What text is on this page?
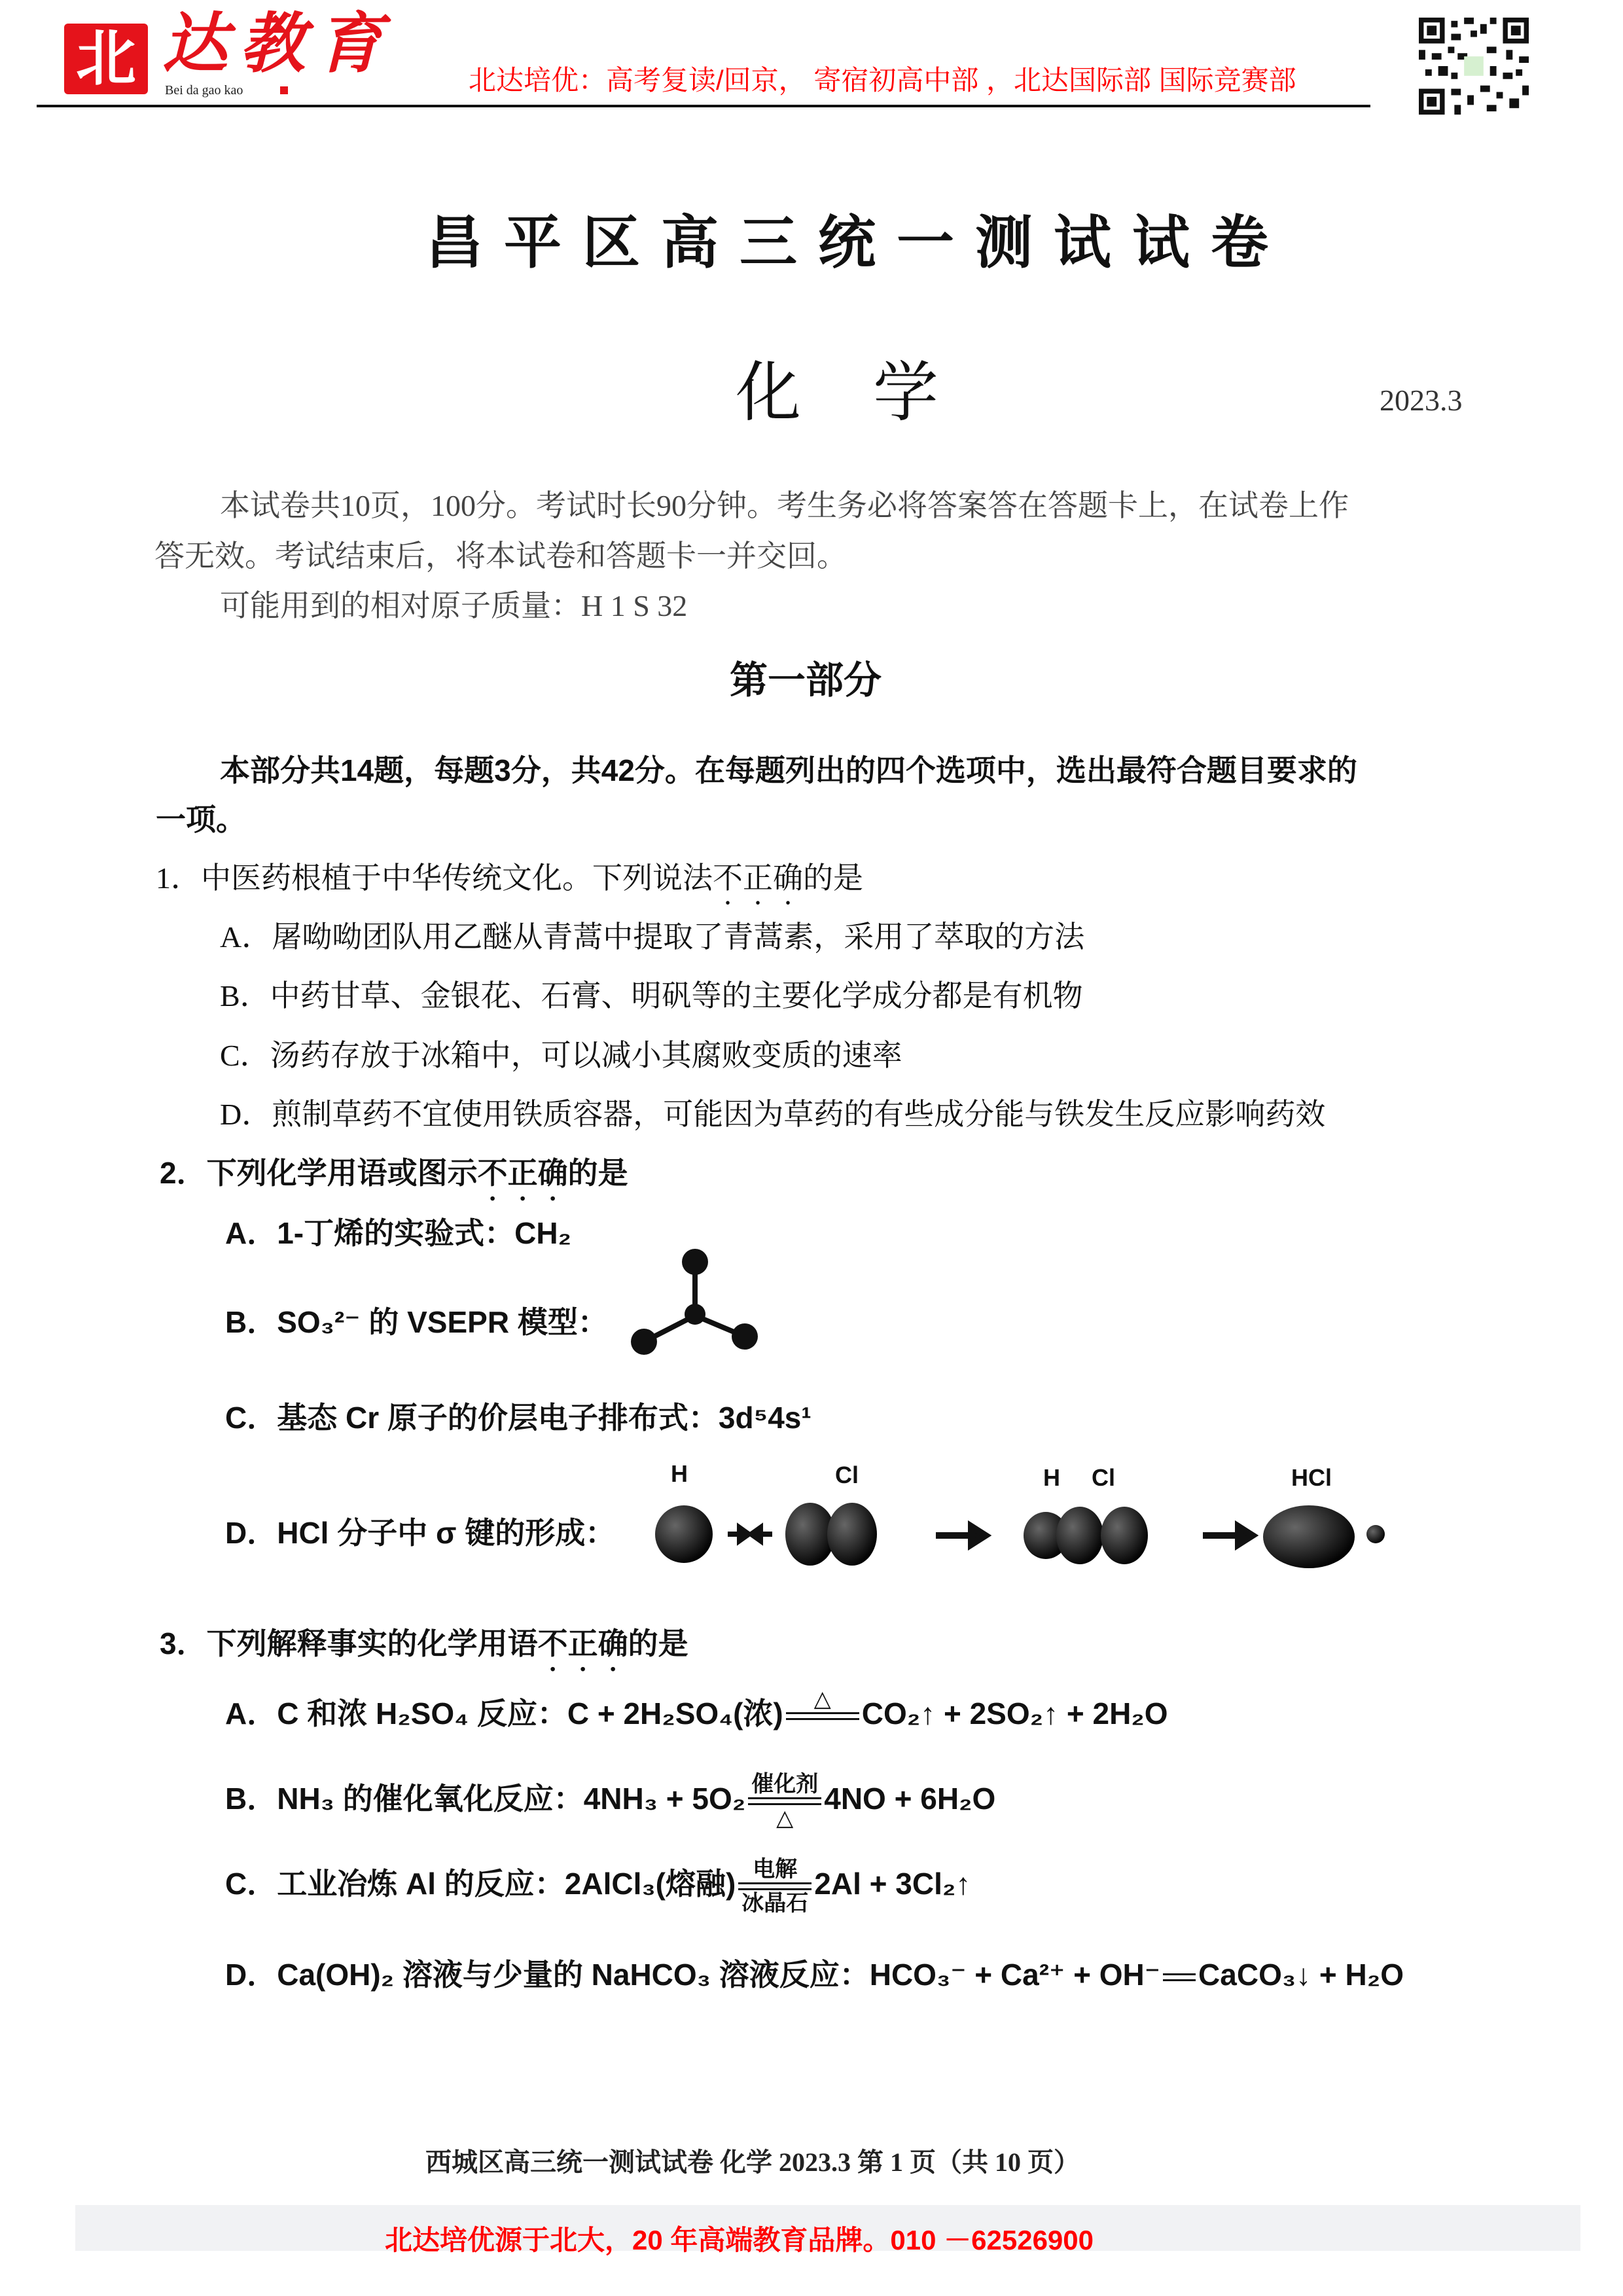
北 达教育
Bei da gao kao	北达培优：高考复读/回京， 寄宿初高中部 ，北达国际部 国际竞赛部
昌平区高三统一测试试卷
化学	2023.3
本试卷共10页，100分。考试时长90分钟。考生务必将答案答在答题卡上，在试卷上作
答无效。考试结束后，将本试卷和答题卡一并交回。
可能用到的相对原子质量：H 1 S 32
第一部分
本部分共14题，每题3分，共42分。在每题列出的四个选项中，选出最符合题目要求的
一项。
1．中医药根植于中华传统文化。下列说法不正确的是
A．屠呦呦团队用乙醚从青蒿中提取了青蒿素，采用了萃取的方法
B．中药甘草、金银花、石膏、明矾等的主要化学成分都是有机物
C．汤药存放于冰箱中，可以减小其腐败变质的速率
D．煎制草药不宜使用铁质容器，可能因为草药的有些成分能与铁发生反应影响药效
2．下列化学用语或图示不正确的是
A．1-丁烯的实验式：CH₂
B．SO₃²⁻ 的 VSEPR 模型：
C．基态 Cr 原子的价层电子排布式：3d⁵4s¹
D．HCl 分子中 σ 键的形成：
H	Cl	H Cl	HCl
3．下列解释事实的化学用语不正确的是
A．C 和浓 H₂SO₄ 反应：C + 2H₂SO₄(浓)	△	CO₂↑ + 2SO₂↑ + 2H₂O
B．NH₃ 的催化氧化反应：4NH₃ + 5O₂ 催化剂
△
4NO + 6H₂O
C．工业冶炼 Al 的反应：2AlCl₃(熔融) 电解
冰晶石
2Al + 3Cl₂↑
D．Ca(OH)₂ 溶液与少量的 NaHCO₃ 溶液反应：HCO₃⁻ + Ca²⁺ + OH⁻ CaCO₃↓ + H₂O
西城区高三统一测试试卷 化学 2023.3 第 1 页（共 10 页）
北达培优源于北大，20 年高端教育品牌。010 －62526900
